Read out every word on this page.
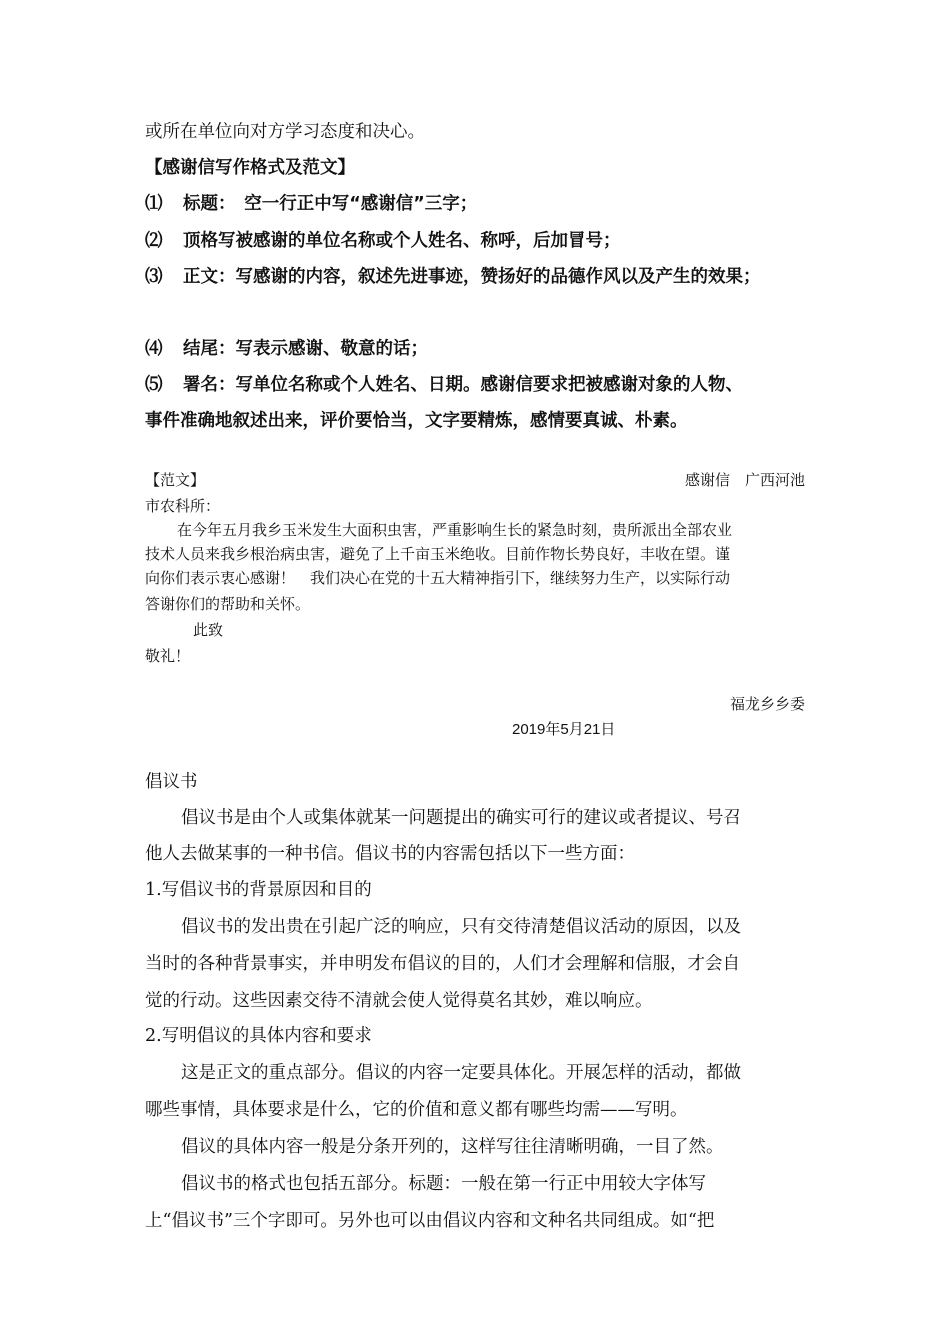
或所在单位向对方学习态度和决心。
【感谢信写作格式及范文】
⑴ 标题：　空一行正中写“感谢信”三字；
⑵ 顶格写被感谢的单位名称或个人姓名、称呼，后加冒号；
⑶ 正文：写感谢的内容，叙述先进事迹，赞扬好的品德作风以及产生的效果；
⑷ 结尾：写表示感谢、敬意的话；
⑸ 署名：写单位名称或个人姓名、日期。感谢信要求把被感谢对象的人物、
事件准确地叙述出来，评价要恰当，文字要精炼，感情要真诚、朴素。
【范文】	感谢信　广西河池
市农科所：
在今年五月我乡玉米发生大面积虫害，严重影响生长的紧急时刻，贵所派出全部农业
技术人员来我乡根治病虫害，避免了上千亩玉米绝收。目前作物长势良好，丰收在望。谨
向你们表示衷心感谢！　我们决心在党的十五大精神指引下，继续努力生产，以实际行动
答谢你们的帮助和关怀。
此致
敬礼！
福龙乡乡委
2019年5月21日
倡议书
倡议书是由个人或集体就某一问题提出的确实可行的建议或者提议、号召
他人去做某事的一种书信。倡议书的内容需包括以下一些方面：
1.写倡议书的背景原因和目的
倡议书的发出贵在引起广泛的响应，只有交待清楚倡议活动的原因，以及
当时的各种背景事实，并申明发布倡议的目的，人们才会理解和信服，才会自
觉的行动。这些因素交待不清就会使人觉得莫名其妙，难以响应。
2.写明倡议的具体内容和要求
这是正文的重点部分。倡议的内容一定要具体化。开展怎样的活动，都做
哪些事情，具体要求是什么，它的价值和意义都有哪些均需——写明。
倡议的具体内容一般是分条开列的，这样写往往清晰明确，一目了然。
倡议书的格式也包括五部分。标题：一般在第一行正中用较大字体写
上“倡议书”三个字即可。另外也可以由倡议内容和文种名共同组成。如“把
